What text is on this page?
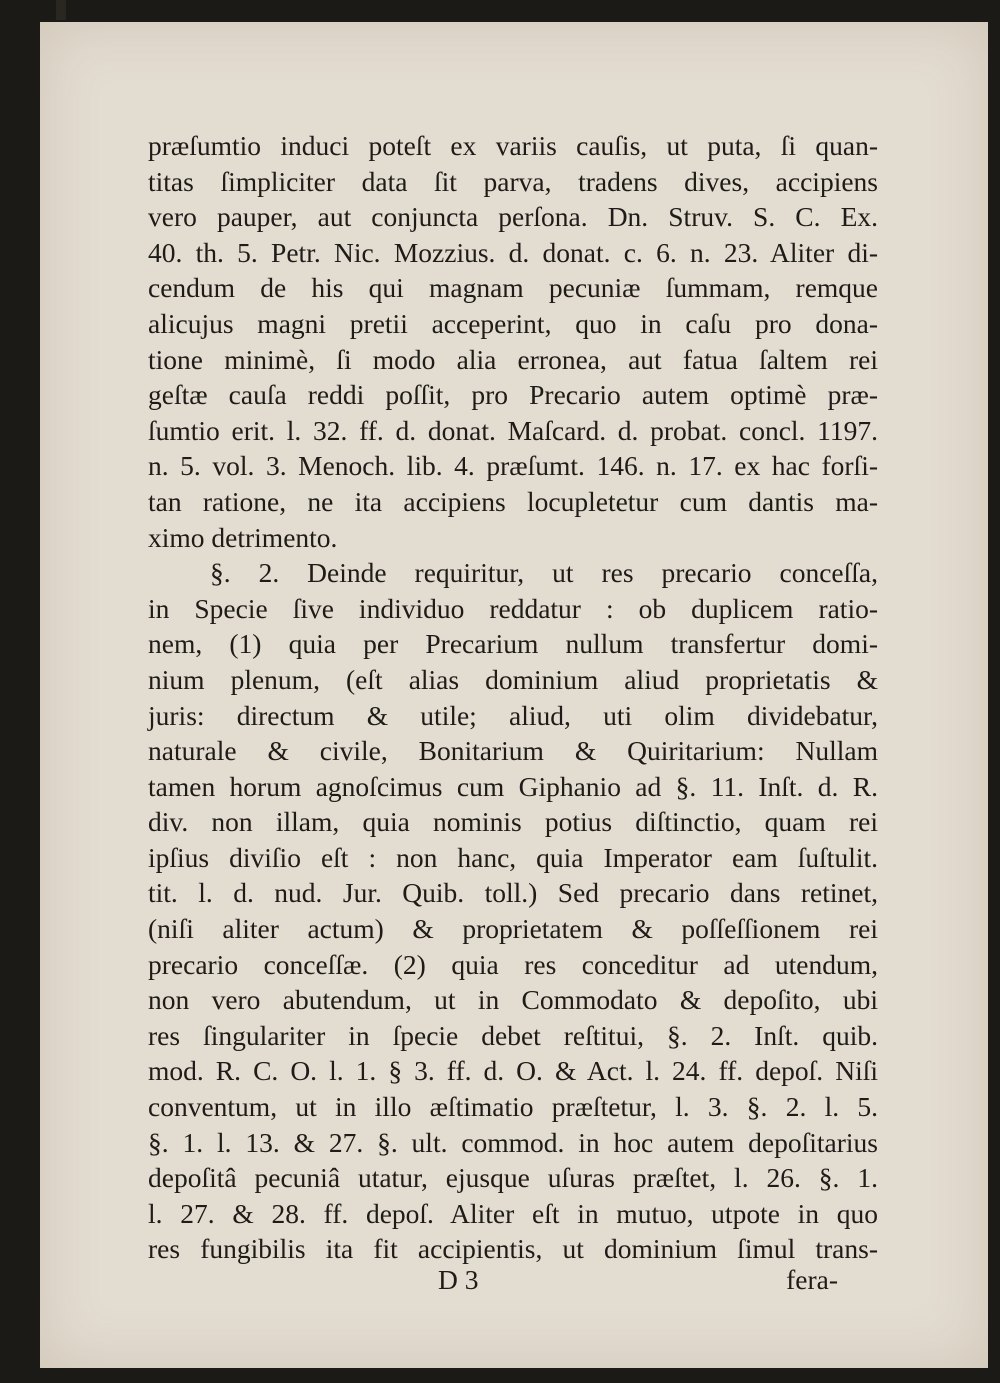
præſumtio induci poteſt ex variis cauſis, ut puta, ſi quan-
titas ſimpliciter data ſit parva, tradens dives, accipiens
vero pauper, aut conjuncta perſona. Dn. Struv. S. C. Ex.
40. th. 5. Petr. Nic. Mozzius. d. donat. c. 6. n. 23. Aliter di-
cendum de his qui magnam pecuniæ ſummam, remque
alicujus magni pretii acceperint, quo in caſu pro dona-
tione minimè, ſi modo alia erronea, aut fatua ſaltem rei
geſtæ cauſa reddi poſſit, pro Precario autem optimè præ-
ſumtio erit. l. 32. ff. d. donat. Maſcard. d. probat. concl. 1197.
n. 5. vol. 3. Menoch. lib. 4. præſumt. 146. n. 17. ex hac forſi-
tan ratione, ne ita accipiens locupletetur cum dantis ma-
ximo detrimento.
§. 2. Deinde requiritur, ut res precario conceſſa,
in Specie ſive individuo reddatur : ob duplicem ratio-
nem, (1) quia per Precarium nullum transfertur domi-
nium plenum, (eſt alias dominium aliud proprietatis &
juris: directum & utile; aliud, uti olim dividebatur,
naturale & civile, Bonitarium & Quiritarium: Nullam
tamen horum agnoſcimus cum Giphanio ad §. 11. Inſt. d. R.
div. non illam, quia nominis potius diſtinctio, quam rei
ipſius diviſio eſt : non hanc, quia Imperator eam ſuſtulit.
tit. l. d. nud. Jur. Quib. toll.) Sed precario dans retinet,
(niſi aliter actum) & proprietatem & poſſeſſionem rei
precario conceſſæ. (2) quia res conceditur ad utendum,
non vero abutendum, ut in Commodato & depoſito, ubi
res ſingulariter in ſpecie debet reſtitui, §. 2. Inſt. quib.
mod. R. C. O. l. 1. § 3. ff. d. O. & Act. l. 24. ff. depoſ. Niſi
conventum, ut in illo æſtimatio præſtetur, l. 3. §. 2. l. 5.
§. 1. l. 13. & 27. §. ult. commod. in hoc autem depoſitarius
depoſitâ pecuniâ utatur, ejusque uſuras præſtet, l. 26. §. 1.
l. 27. & 28. ff. depoſ. Aliter eſt in mutuo, utpote in quo
res fungibilis ita fit accipientis, ut dominium ſimul trans-
D 3	fera-
